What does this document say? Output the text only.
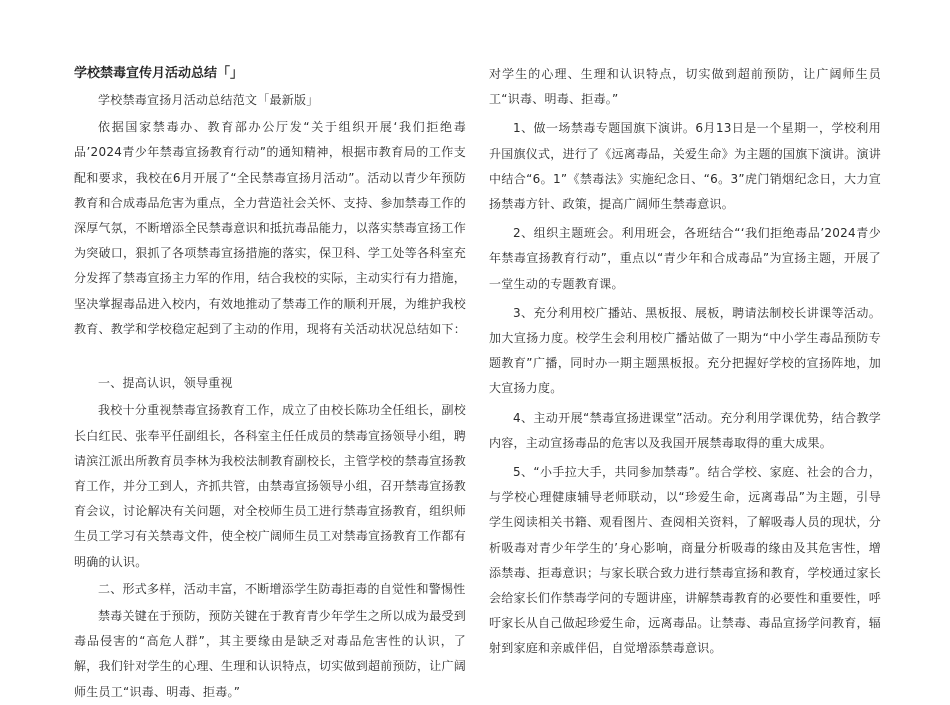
学校禁毒宣传月活动总结「」

学校禁毒宣扬月活动总结范文「最新版」

依据国家禁毒办、教育部办公厅发“关于组织开展‘我们拒绝毒品’2024青少年禁毒宣扬教育行动”的通知精神，根据市教育局的工作支配和要求，我校在6月开展了“全民禁毒宣扬月活动”。活动以青少年预防教育和合成毒品危害为重点，全力营造社会关怀、支持、参加禁毒工作的深厚气氛，不断增添全民禁毒意识和抵抗毒品能力，以落实禁毒宣扬工作为突破口，狠抓了各项禁毒宣扬措施的落实，保卫科、学工处等各科室充分发挥了禁毒宣扬主力军的作用，结合我校的实际，主动实行有力措施，坚决掌握毒品进入校内，有效地推动了禁毒工作的顺利开展，为维护我校教育、教学和学校稳定起到了主动的作用，现将有关活动状况总结如下：

一、提高认识，领导重视

我校十分重视禁毒宣扬教育工作，成立了由校长陈功全任组长，副校长白红民、张奉平任副组长，各科室主任任成员的禁毒宣扬领导小组，聘请滨江派出所教育员李林为我校法制教育副校长，主管学校的禁毒宣扬教育工作，并分工到人，齐抓共管，由禁毒宣扬领导小组，召开禁毒宣扬教育会议，讨论解决有关问题，对全校师生员工进行禁毒宣扬教育，组织师生员工学习有关禁毒文件，使全校广阔师生员工对禁毒宣扬教育工作都有明确的认识。

二、形式多样，活动丰富，不断增添学生防毒拒毒的自觉性和警惕性

禁毒关键在于预防，预防关键在于教育青少年学生之所以成为最受到毒品侵害的“高危人群”，其主要缘由是缺乏对毒品危害性的认识，了解，我们针对学生的心理、生理和认识特点，切实做到超前预防，让广阔师生员工“识毒、明毒、拒毒。”

对学生的心理、生理和认识特点，切实做到超前预防，让广阔师生员工“识毒、明毒、拒毒。”

1、做一场禁毒专题国旗下演讲。6月13日是一个星期一，学校利用升国旗仪式，进行了《远离毒品，关爱生命》为主题的国旗下演讲。演讲中结合“6。1”《禁毒法》实施纪念日、“6。3”虎门销烟纪念日，大力宣扬禁毒方针、政策，提高广阔师生禁毒意识。

2、组织主题班会。利用班会，各班结合“‘我们拒绝毒品’2024青少年禁毒宣扬教育行动”，重点以“青少年和合成毒品”为宣扬主题，开展了一堂生动的专题教育课。

3、充分利用校广播站、黑板报、展板，聘请法制校长讲课等活动。加大宣扬力度。校学生会利用校广播站做了一期为“中小学生毒品预防专题教育”广播，同时办一期主题黑板报。充分把握好学校的宣扬阵地，加大宣扬力度。

4、主动开展“禁毒宣扬进课堂”活动。充分利用学课优势，结合教学内容，主动宣扬毒品的危害以及我国开展禁毒取得的重大成果。

5、“小手拉大手，共同参加禁毒”。结合学校、家庭、社会的合力，与学校心理健康辅导老师联动，以“珍爱生命，远离毒品”为主题，引导学生阅读相关书籍、观看图片、查阅相关资料，了解吸毒人员的现状，分析吸毒对青少年学生的’身心影响，商量分析吸毒的缘由及其危害性，增添禁毒、拒毒意识；与家长联合致力进行禁毒宣扬和教育，学校通过家长会给家长们作禁毒学问的专题讲座，讲解禁毒教育的必要性和重要性，呼吁家长从自己做起珍爱生命，远离毒品。让禁毒、毒品宣扬学问教育，辐射到家庭和亲戚伴侣，自觉增添禁毒意识。
